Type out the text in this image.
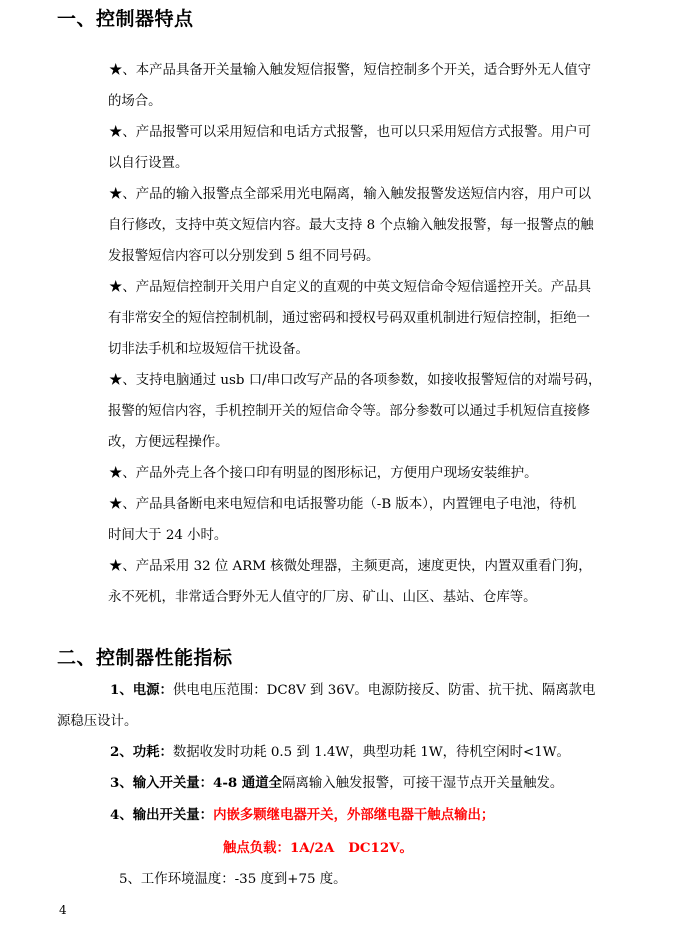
一、控制器特点
★、本产品具备开关量输入触发短信报警，短信控制多个开关，适合野外无人值守
的场合。
★、产品报警可以采用短信和电话方式报警，也可以只采用短信方式报警。用户可
以自行设置。
★、产品的输入报警点全部采用光电隔离，输入触发报警发送短信内容，用户可以
自行修改，支持中英文短信内容。最大支持 8 个点输入触发报警，每一报警点的触
发报警短信内容可以分别发到 5 组不同号码。
★、产品短信控制开关用户自定义的直观的中英文短信命令短信遥控开关。产品具
有非常安全的短信控制机制，通过密码和授权号码双重机制进行短信控制，拒绝一
切非法手机和垃圾短信干扰设备。
★、支持电脑通过 usb 口/串口改写产品的各项参数，如接收报警短信的对端号码，
报警的短信内容，手机控制开关的短信命令等。部分参数可以通过手机短信直接修
改，方便远程操作。
★、产品外壳上各个接口印有明显的图形标记，方便用户现场安装维护。
★、产品具备断电来电短信和电话报警功能（-B 版本），内置锂电子电池，待机
时间大于 24 小时。
★、产品采用 32 位 ARM 核微处理器，主频更高，速度更快，内置双重看门狗，
永不死机，非常适合野外无人值守的厂房、矿山、山区、基站、仓库等。
二、控制器性能指标
1、电源：供电电压范围：DC8V 到 36V。电源防接反、防雷、抗干扰、隔离款电
源稳压设计。
2、功耗：数据收发时功耗 0.5 到 1.4W，典型功耗 1W，待机空闲时<1W。
3、输入开关量：4-8 通道全隔离输入触发报警，可接干湿节点开关量触发。
4、输出开关量：内嵌多颗继电器开关，外部继电器干触点输出；
触点负载：1A/2A   DC12V。
5、工作环境温度：-35 度到+75 度。
4
